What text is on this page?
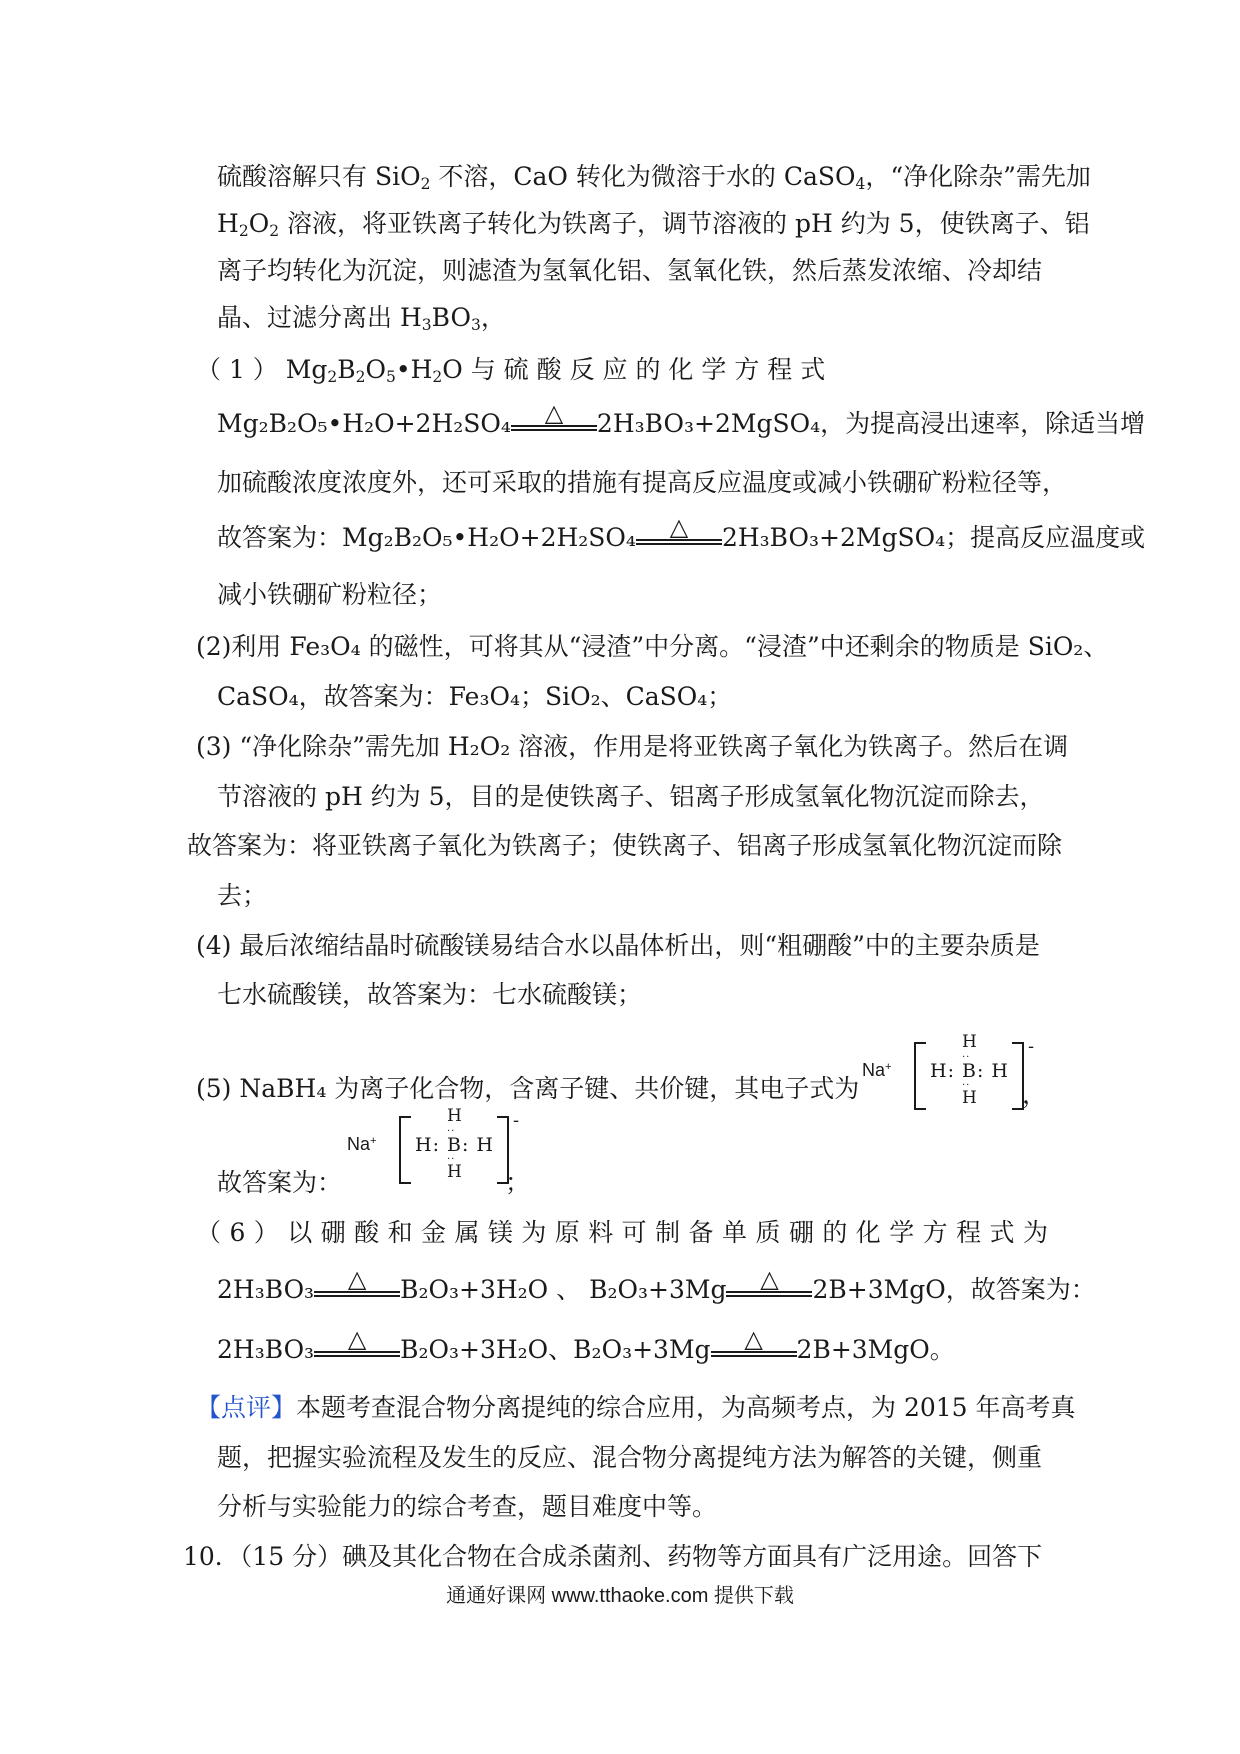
硫酸溶解只有 SiO$_2$ 不溶，CaO 转化为微溶于水的 CaSO$_4$，“净化除杂”需先加
$H_2O_2$ 溶液，将亚铁离子转化为铁离子，调节溶液的 pH 约为 5，使铁离子、铝
离子均转化为沉淀，则滤渣为氢氧化铝、氢氧化铁，然后蒸发浓缩、冷却结
晶、过滤分离出 $H_3BO_3$，
（ 1 ） $Mg_2B_2O_5•H_2O$ 与 硫 酸 反 应 的 化 学 方 程 式
Mg₂B₂O₅•H₂O+2H₂SO₄	△	2H₃BO₃+2MgSO₄，为提高浸出速率，除适当增
加硫酸浓度浓度外，还可采取的措施有提高反应温度或减小铁硼矿粉粒径等，
故答案为：Mg₂B₂O₅•H₂O+2H₂SO₄	△	2H₃BO₃+2MgSO₄；提高反应温度或
减小铁硼矿粉粒径；
(2)利用 Fe₃O₄ 的磁性，可将其从“浸渣”中分离。“浸渣”中还剩余的物质是 SiO₂、
CaSO₄，故答案为：Fe₃O₄；SiO₂、CaSO₄；
(3) “净化除杂”需先加 H₂O₂ 溶液，作用是将亚铁离子氧化为铁离子。然后在调
节溶液的 pH 约为 5，目的是使铁离子、铝离子形成氢氧化物沉淀而除去，
故答案为：将亚铁离子氧化为铁离子；使铁离子、铝离子形成氢氧化物沉淀而除
去；
(4) 最后浓缩结晶时硫酸镁易结合水以晶体析出，则“粗硼酸”中的主要杂质是
七水硫酸镁，故答案为：七水硫酸镁；
(5) NaBH₄ 为离子化合物，含离子键、共价键，其电子式为
Na+
H
··
H: B: H
··
H
-
，
故答案为：
Na+
H
··
H: B: H
··
H
-
；
（6）以硼酸和金属镁为原料可制备单质硼的化学方程式为
2H₃BO₃	△	B₂O₃+3H₂O 、 B₂O₃+3Mg	△	2B+3MgO，故答案为：
2H₃BO₃	△	B₂O₃+3H₂O、B₂O₃+3Mg	△	2B+3MgO。
【点评】本题考查混合物分离提纯的综合应用，为高频考点，为 2015 年高考真
题，把握实验流程及发生的反应、混合物分离提纯方法为解答的关键，侧重
分析与实验能力的综合考查，题目难度中等。
10．（15 分）碘及其化合物在合成杀菌剂、药物等方面具有广泛用途。回答下
通通好课网 www.tthaoke.com 提供下载
